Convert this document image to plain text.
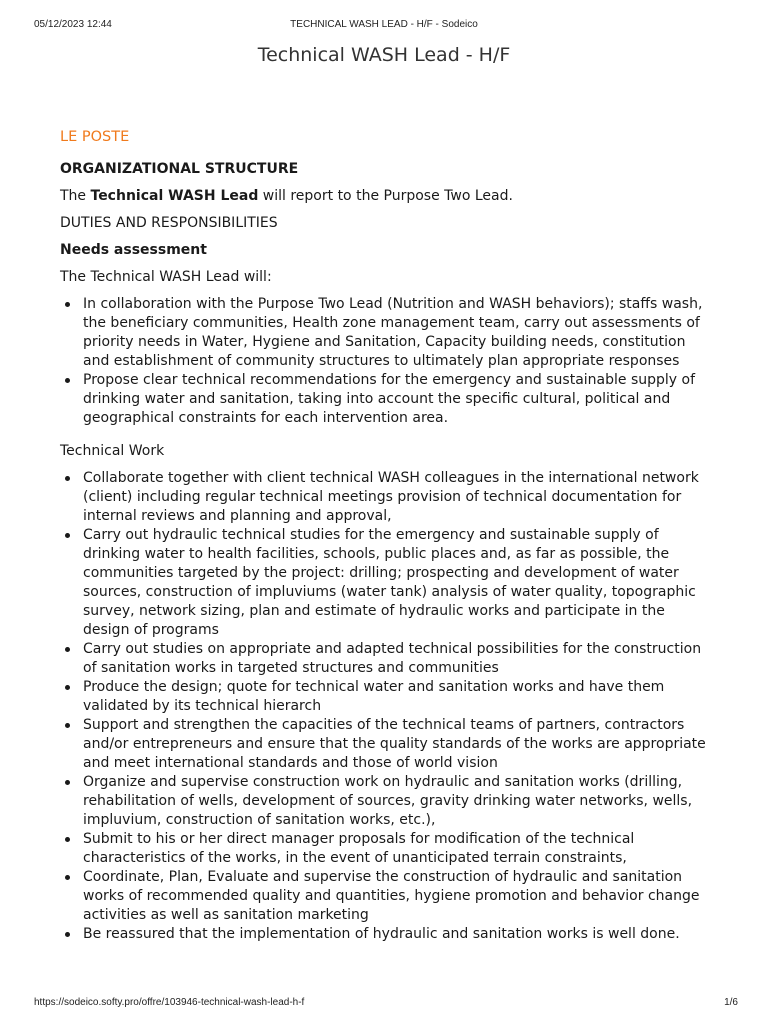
05/12/2023 12:44	TECHNICAL WASH LEAD - H/F - Sodeico
Technical WASH Lead - H/F
LE POSTE
ORGANIZATIONAL STRUCTURE
The Technical WASH Lead will report to the Purpose Two Lead.
DUTIES AND RESPONSIBILITIES
Needs assessment
The Technical WASH Lead will:
In collaboration with the Purpose Two Lead (Nutrition and WASH behaviors); staffs wash, the beneficiary communities, Health zone management team, carry out assessments of priority needs in Water, Hygiene and Sanitation, Capacity building needs, constitution and establishment of community structures to ultimately plan appropriate responses
Propose clear technical recommendations for the emergency and sustainable supply of drinking water and sanitation, taking into account the specific cultural, political and geographical constraints for each intervention area.
Technical Work
Collaborate together with client technical WASH colleagues in the international network (client) including regular technical meetings provision of technical documentation for internal reviews and planning and approval,
Carry out hydraulic technical studies for the emergency and sustainable supply of drinking water to health facilities, schools, public places and, as far as possible, the communities targeted by the project: drilling; prospecting and development of water sources, construction of impluviums (water tank) analysis of water quality, topographic survey, network sizing, plan and estimate of hydraulic works and participate in the design of programs
Carry out studies on appropriate and adapted technical possibilities for the construction of sanitation works in targeted structures and communities
Produce the design; quote for technical water and sanitation works and have them validated by its technical hierarch
Support and strengthen the capacities of the technical teams of partners, contractors and/or entrepreneurs and ensure that the quality standards of the works are appropriate and meet international standards and those of world vision
Organize and supervise construction work on hydraulic and sanitation works (drilling, rehabilitation of wells, development of sources, gravity drinking water networks, wells, impluvium, construction of sanitation works, etc.),
Submit to his or her direct manager proposals for modification of the technical characteristics of the works, in the event of unanticipated terrain constraints,
Coordinate, Plan, Evaluate and supervise the construction of hydraulic and sanitation works of recommended quality and quantities, hygiene promotion and behavior change activities as well as sanitation marketing
Be reassured that the implementation of hydraulic and sanitation works is well done.
https://sodeico.softy.pro/offre/103946-technical-wash-lead-h-f	1/6
